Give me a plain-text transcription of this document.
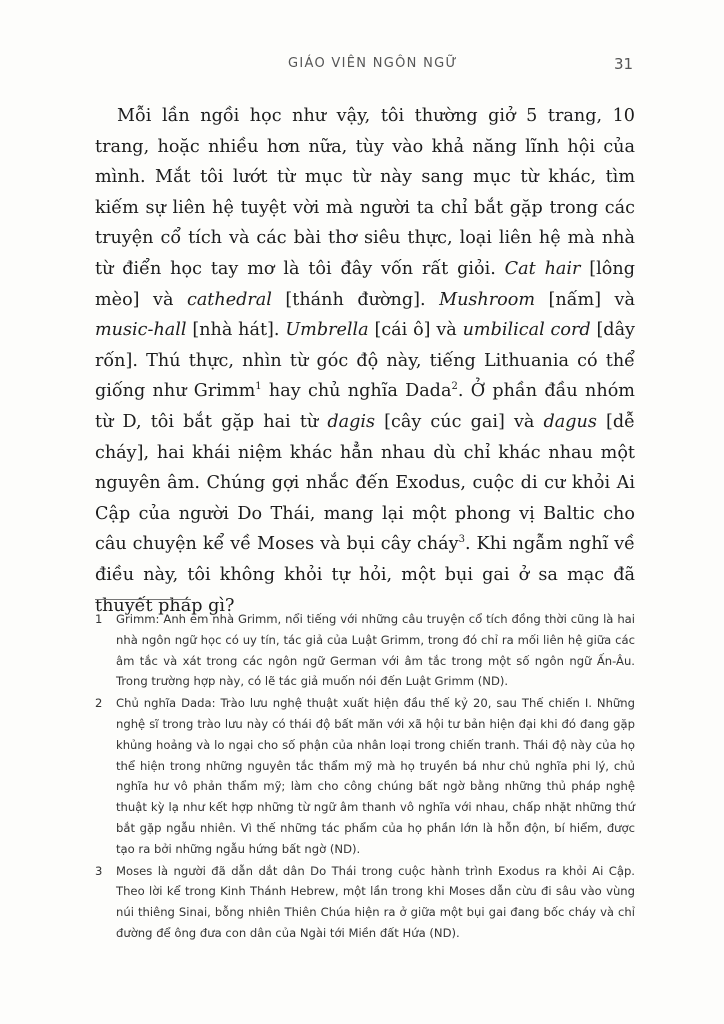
GIÁO VIÊN NGÔN NGỮ	31

Mỗi lần ngồi học như vậy, tôi thường giở 5 trang, 10 trang, hoặc nhiều hơn nữa, tùy vào khả năng lĩnh hội của mình. Mắt tôi lướt từ mục từ này sang mục từ khác, tìm kiếm sự liên hệ tuyệt vời mà người ta chỉ bắt gặp trong các truyện cổ tích và các bài thơ siêu thực, loại liên hệ mà nhà từ điển học tay mơ là tôi đây vốn rất giỏi. Cat hair [lông mèo] và cathedral [thánh đường]. Mushroom [nấm] và music-hall [nhà hát]. Umbrella [cái ô] và umbilical cord [dây rốn]. Thú thực, nhìn từ góc độ này, tiếng Lithuania có thể giống như Grimm$^1$ hay chủ nghĩa Dada$^2$. Ở phần đầu nhóm từ D, tôi bắt gặp hai từ dagis [cây cúc gai] và dagus [dễ cháy], hai khái niệm khác hẳn nhau dù chỉ khác nhau một nguyên âm. Chúng gợi nhắc đến Exodus, cuộc di cư khỏi Ai Cập của người Do Thái, mang lại một phong vị Baltic cho câu chuyện kể về Moses và bụi cây cháy$^3$. Khi ngẫm nghĩ về điều này, tôi không khỏi tự hỏi, một bụi gai ở sa mạc đã thuyết pháp gì?

1 Grimm: Anh em nhà Grimm, nổi tiếng với những câu truyện cổ tích đồng thời cũng là hai nhà ngôn ngữ học có uy tín, tác giả của Luật Grimm, trong đó chỉ ra mối liên hệ giữa các âm tắc và xát trong các ngôn ngữ German với âm tắc trong một số ngôn ngữ Ấn-Âu. Trong trường hợp này, có lẽ tác giả muốn nói đến Luật Grimm (ND).
2 Chủ nghĩa Dada: Trào lưu nghệ thuật xuất hiện đầu thế kỷ 20, sau Thế chiến I. Những nghệ sĩ trong trào lưu này có thái độ bất mãn với xã hội tư bản hiện đại khi đó đang gặp khủng hoảng và lo ngại cho số phận của nhân loại trong chiến tranh. Thái độ này của họ thể hiện trong những nguyên tắc thẩm mỹ mà họ truyền bá như chủ nghĩa phi lý, chủ nghĩa hư vô phản thẩm mỹ; làm cho công chúng bất ngờ bằng những thủ pháp nghệ thuật kỳ lạ như kết hợp những từ ngữ âm thanh vô nghĩa với nhau, chấp nhặt những thứ bắt gặp ngẫu nhiên. Vì thế những tác phẩm của họ phần lớn là hỗn độn, bí hiểm, được tạo ra bởi những ngẫu hứng bất ngờ (ND).
3 Moses là người đã dẫn dắt dân Do Thái trong cuộc hành trình Exodus ra khỏi Ai Cập. Theo lời kể trong Kinh Thánh Hebrew, một lần trong khi Moses dẫn cừu đi sâu vào vùng núi thiêng Sinai, bỗng nhiên Thiên Chúa hiện ra ở giữa một bụi gai đang bốc cháy và chỉ đường để ông đưa con dân của Ngài tới Miền đất Hứa (ND).
